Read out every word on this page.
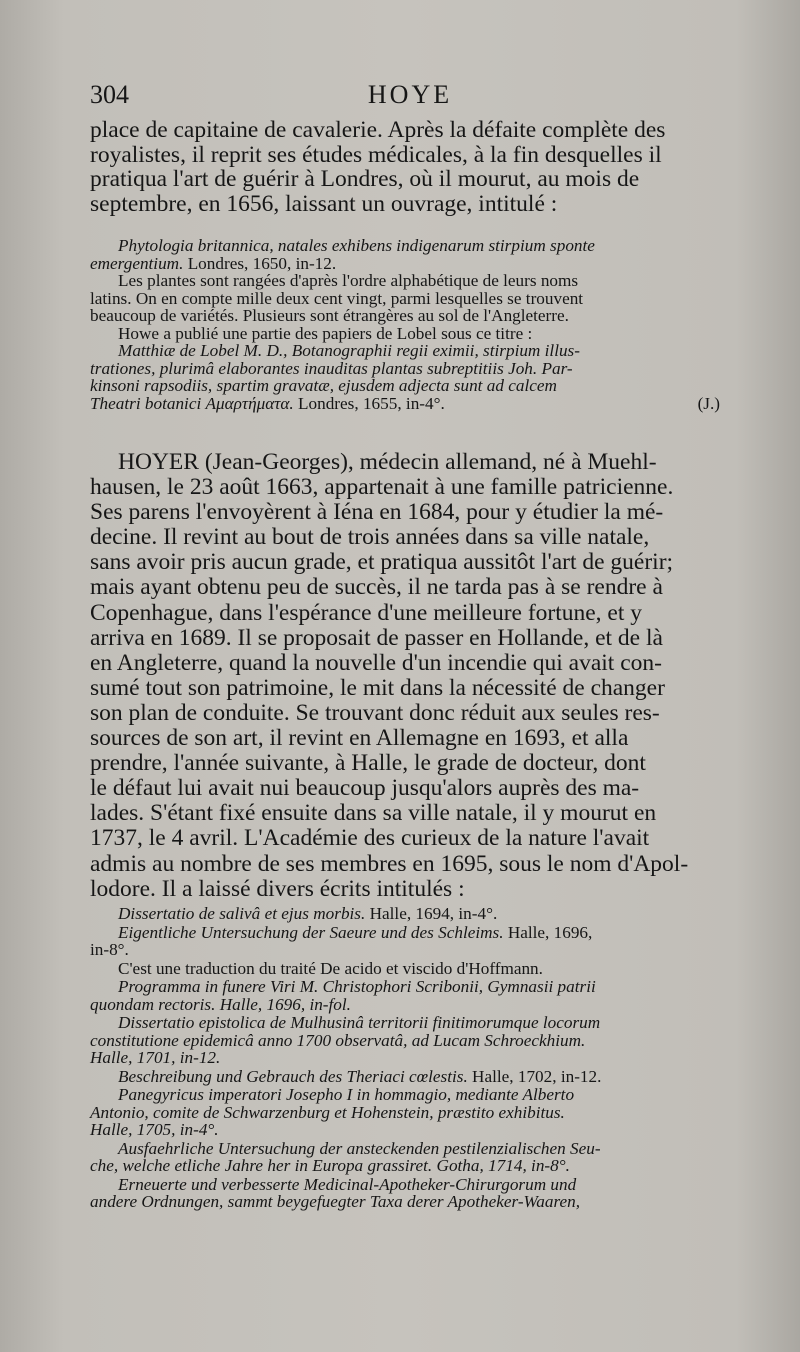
304	HOYE

place de capitaine de cavalerie. Après la défaite complète des
royalistes, il reprit ses études médicales, à la fin desquelles il
pratiqua l'art de guérir à Londres, où il mourut, au mois de
septembre, en 1656, laissant un ouvrage, intitulé :

Phytologia britannica, natales exhibens indigenarum stirpium sponte
emergentium. Londres, 1650, in-12.
Les plantes sont rangées d'après l'ordre alphabétique de leurs noms
latins. On en compte mille deux cent vingt, parmi lesquelles se trouvent
beaucoup de variétés. Plusieurs sont étrangères au sol de l'Angleterre.
Howe a publié une partie des papiers de Lobel sous ce titre :
Matthiæ de Lobel M. D., Botanographii regii eximii, stirpium illus-
trationes, plurimâ elaborantes inauditas plantas subreptitiis Joh. Par-
kinsoni rapsodiis, spartim gravatæ, ejusdem adjecta sunt ad calcem
Theatri botanici Αμαρτήματα. Londres, 1655, in-4°.	(J.)

HOYER (Jean-Georges), médecin allemand, né à Muehl-
hausen, le 23 août 1663, appartenait à une famille patricienne.
Ses parens l'envoyèrent à Iéna en 1684, pour y étudier la mé-
decine. Il revint au bout de trois années dans sa ville natale,
sans avoir pris aucun grade, et pratiqua aussitôt l'art de guérir;
mais ayant obtenu peu de succès, il ne tarda pas à se rendre à
Copenhague, dans l'espérance d'une meilleure fortune, et y
arriva en 1689. Il se proposait de passer en Hollande, et de là
en Angleterre, quand la nouvelle d'un incendie qui avait con-
sumé tout son patrimoine, le mit dans la nécessité de changer
son plan de conduite. Se trouvant donc réduit aux seules res-
sources de son art, il revint en Allemagne en 1693, et alla
prendre, l'année suivante, à Halle, le grade de docteur, dont
le défaut lui avait nui beaucoup jusqu'alors auprès des ma-
lades. S'étant fixé ensuite dans sa ville natale, il y mourut en
1737, le 4 avril. L'Académie des curieux de la nature l'avait
admis au nombre de ses membres en 1695, sous le nom d'Apol-
lodore. Il a laissé divers écrits intitulés :

Dissertatio de salivâ et ejus morbis. Halle, 1694, in-4°.
Eigentliche Untersuchung der Saeure und des Schleims. Halle, 1696,
in-8°.
C'est une traduction du traité De acido et viscido d'Hoffmann.
Programma in funere Viri M. Christophori Scribonii, Gymnasii patrii
quondam rectoris. Halle, 1696, in-fol.
Dissertatio epistolica de Mulhusinâ territorii finitimorumque locorum
constitutione epidemicâ anno 1700 observatâ, ad Lucam Schroeckhium.
Halle, 1701, in-12.
Beschreibung und Gebrauch des Theriaci cœlestis. Halle, 1702, in-12.
Panegyricus imperatori Josepho I in hommagio, mediante Alberto
Antonio, comite de Schwarzenburg et Hohenstein, præstito exhibitus.
Halle, 1705, in-4°.
Ausfaehrliche Untersuchung der ansteckenden pestilenzialischen Seu-
che, welche etliche Jahre her in Europa grassiret. Gotha, 1714, in-8°.
Erneuerte und verbesserte Medicinal-Apotheker-Chirurgorum und
andere Ordnungen, sammt beygefuegter Taxa derer Apotheker-Waaren,
